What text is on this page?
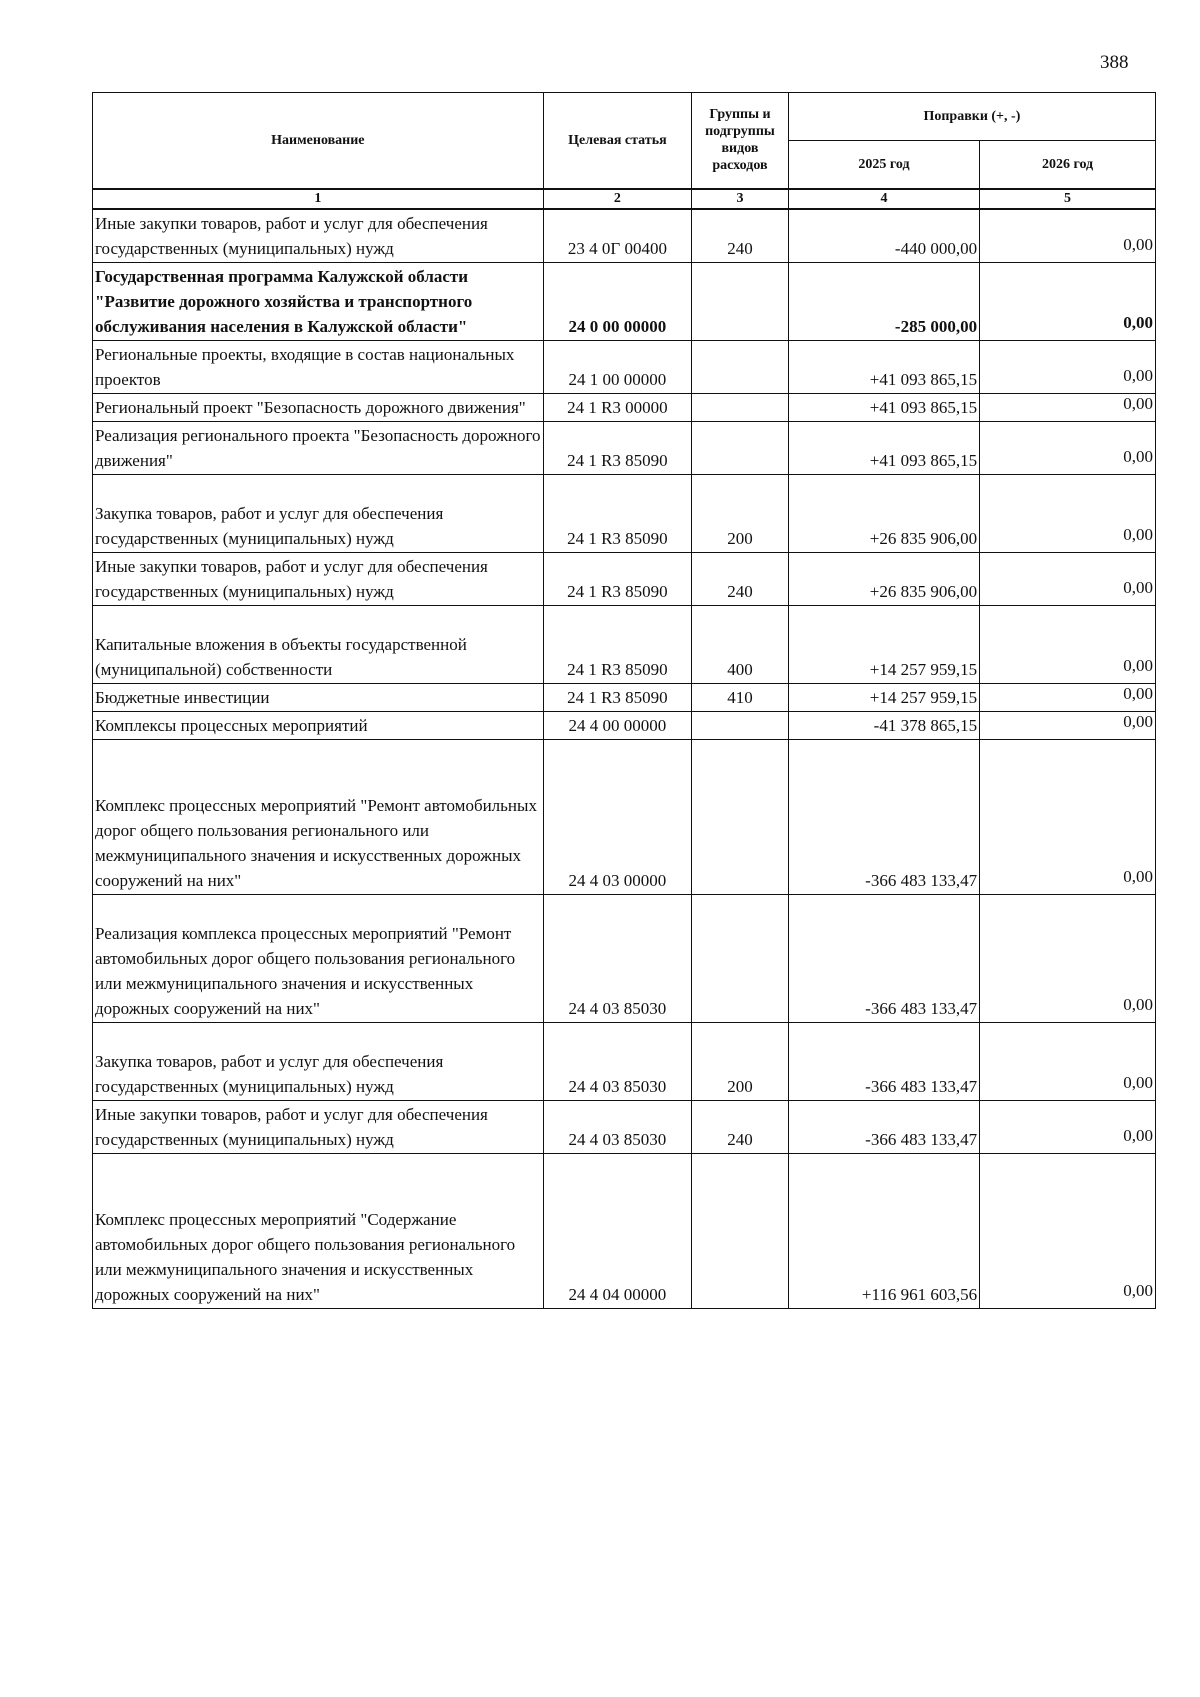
388
Наименование	Целевая статья	Группы и подгруппы видов расходов	Поправки (+, -)	
			2025 год	2026 год
1	2	3	4	5
Иные закупки товаров, работ и услуг для обеспечения государственных (муниципальных) нужд	23 4 0Г 00400	240	-440 000,00	0,00
Государственная программа Калужской области "Развитие дорожного хозяйства и транспортного обслуживания населения в Калужской области"	24 0 00 00000		-285 000,00	0,00
Региональные проекты, входящие в состав национальных проектов	24 1 00 00000		+41 093 865,15	0,00
Региональный проект "Безопасность дорожного движения"	24 1 R3 00000		+41 093 865,15	0,00
Реализация регионального проекта "Безопасность дорожного движения"	24 1 R3 85090		+41 093 865,15	0,00

Закупка товаров, работ и услуг для обеспечения государственных (муниципальных) нужд	24 1 R3 85090	200	+26 835 906,00	0,00
Иные закупки товаров, работ и услуг для обеспечения государственных (муниципальных) нужд	24 1 R3 85090	240	+26 835 906,00	0,00

Капитальные вложения в объекты государственной (муниципальной) собственности	24 1 R3 85090	400	+14 257 959,15	0,00
Бюджетные инвестиции	24 1 R3 85090	410	+14 257 959,15	0,00
Комплексы процессных мероприятий	24 4 00 00000		-41 378 865,15	0,00

Комплекс процессных мероприятий "Ремонт автомобильных дорог общего пользования регионального или межмуниципального значения и искусственных дорожных сооружений на них"	24 4 03 00000		-366 483 133,47	0,00

Реализация комплекса процессных мероприятий "Ремонт автомобильных дорог общего пользования регионального или межмуниципального значения и искусственных дорожных сооружений на них"	24 4 03 85030		-366 483 133,47	0,00

Закупка товаров, работ и услуг для обеспечения государственных (муниципальных) нужд	24 4 03 85030	200	-366 483 133,47	0,00
Иные закупки товаров, работ и услуг для обеспечения государственных (муниципальных) нужд	24 4 03 85030	240	-366 483 133,47	0,00

Комплекс процессных мероприятий "Содержание автомобильных дорог общего пользования регионального или межмуниципального значения и искусственных дорожных сооружений на них"	24 4 04 00000		+116 961 603,56	0,00
